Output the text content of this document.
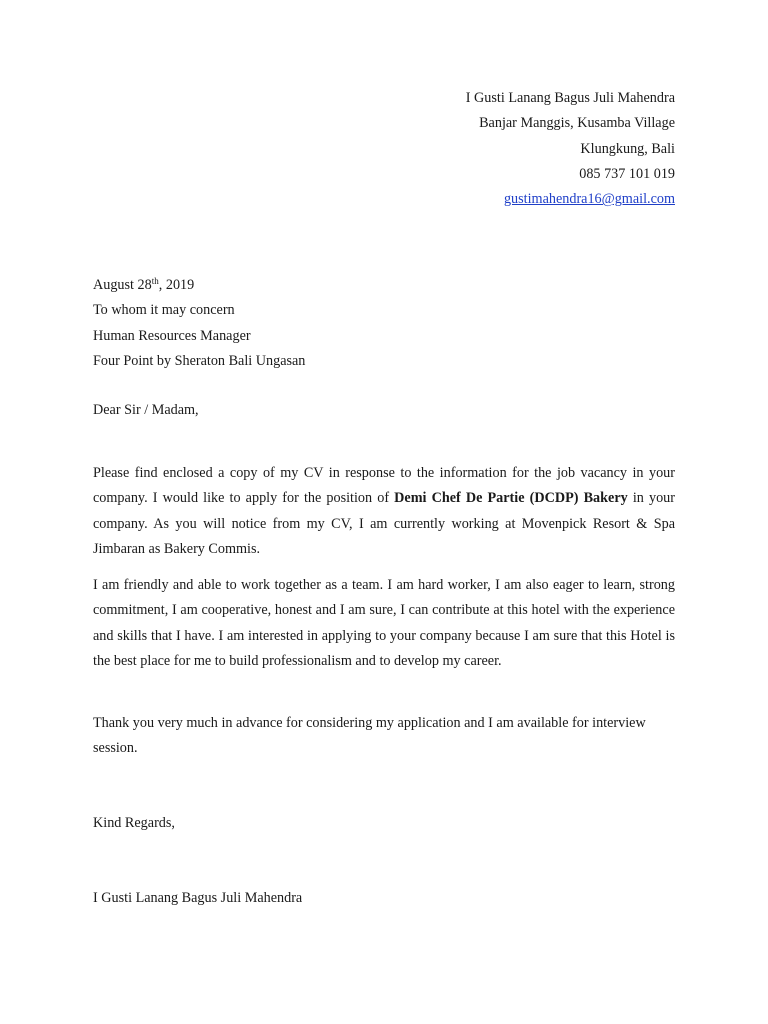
I Gusti Lanang Bagus Juli Mahendra
Banjar Manggis, Kusamba Village
Klungkung, Bali
085 737 101 019
gustimahendra16@gmail.com
August 28th, 2019
To whom it may concern
Human Resources Manager
Four Point by Sheraton Bali Ungasan
Dear Sir / Madam,
Please find enclosed a copy of my CV in response to the information for the job vacancy in your company. I would like to apply for the position of Demi Chef De Partie (DCDP) Bakery in your company. As you will notice from my CV, I am currently working at Movenpick Resort & Spa Jimbaran as Bakery Commis.
I am friendly and able to work together as a team. I am hard worker, I am also eager to learn, strong commitment, I am cooperative, honest and I am sure, I can contribute at this hotel with the experience and skills that I have. I am interested in applying to your company because I am sure that this Hotel is the best place for me to build professionalism and to develop my career.
Thank you very much in advance for considering my application and I am available for interview session.
Kind Regards,
I Gusti Lanang Bagus Juli Mahendra
